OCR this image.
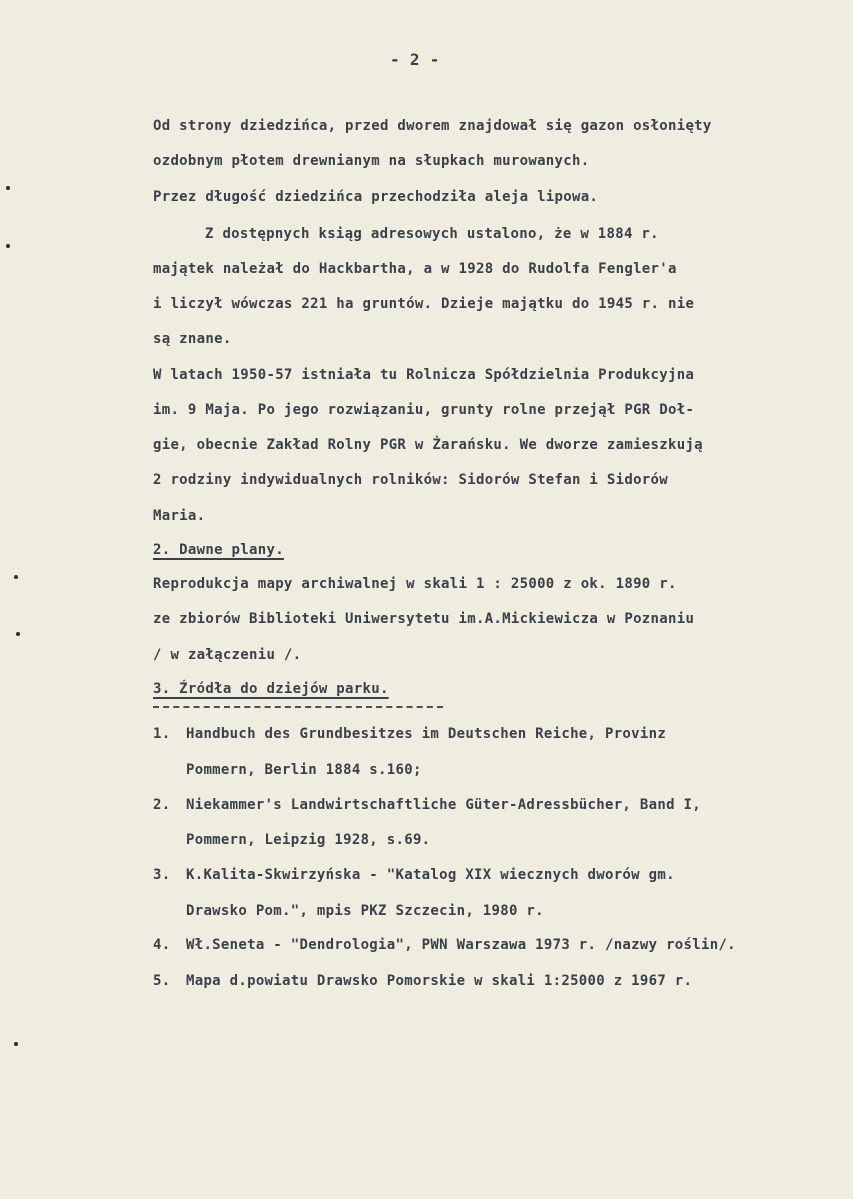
- 2 -
Od strony dziedzińca, przed dworem znajdował się gazon osłonięty
ozdobnym płotem drewnianym na słupkach murowanych.
Przez długość dziedzińca przechodziła aleja lipowa.
Z dostępnych ksiąg adresowych ustalono, że w 1884 r.
majątek należał do Hackbartha, a w 1928 do Rudolfa Fengler'a
i liczył wówczas 221 ha gruntów. Dzieje majątku do 1945 r. nie
są znane.
W latach 1950-57 istniała tu Rolnicza Spółdzielnia Produkcyjna
im. 9 Maja. Po jego rozwiązaniu, grunty rolne przejął PGR Doł-
gie, obecnie Zakład Rolny PGR w Żarańsku. We dworze zamieszkują
2 rodziny indywidualnych rolników: Sidorów Stefan i Sidorów
Maria.
2. Dawne plany.
Reprodukcja mapy archiwalnej w skali 1 : 25000 z ok. 1890 r.
ze zbiorów Biblioteki Uniwersytetu im.A.Mickiewicza w Poznaniu
/ w załączeniu /.
3. Źródła do dziejów parku.
1. Handbuch des Grundbesitzes im Deutschen Reiche, Provinz
Pommern, Berlin 1884 s.160;
2. Niekammer's Landwirtschaftliche Güter-Adressbücher, Band I,
Pommern, Leipzig 1928, s.69.
3. K.Kalita-Skwirzyńska - "Katalog XIX wiecznych dworów gm.
Drawsko Pom.", mpis PKZ Szczecin, 1980 r.
4. Wł.Seneta - "Dendrologia", PWN Warszawa 1973 r. /nazwy roślin/.
5. Mapa d.powiatu Drawsko Pomorskie w skali 1:25000 z 1967 r.
